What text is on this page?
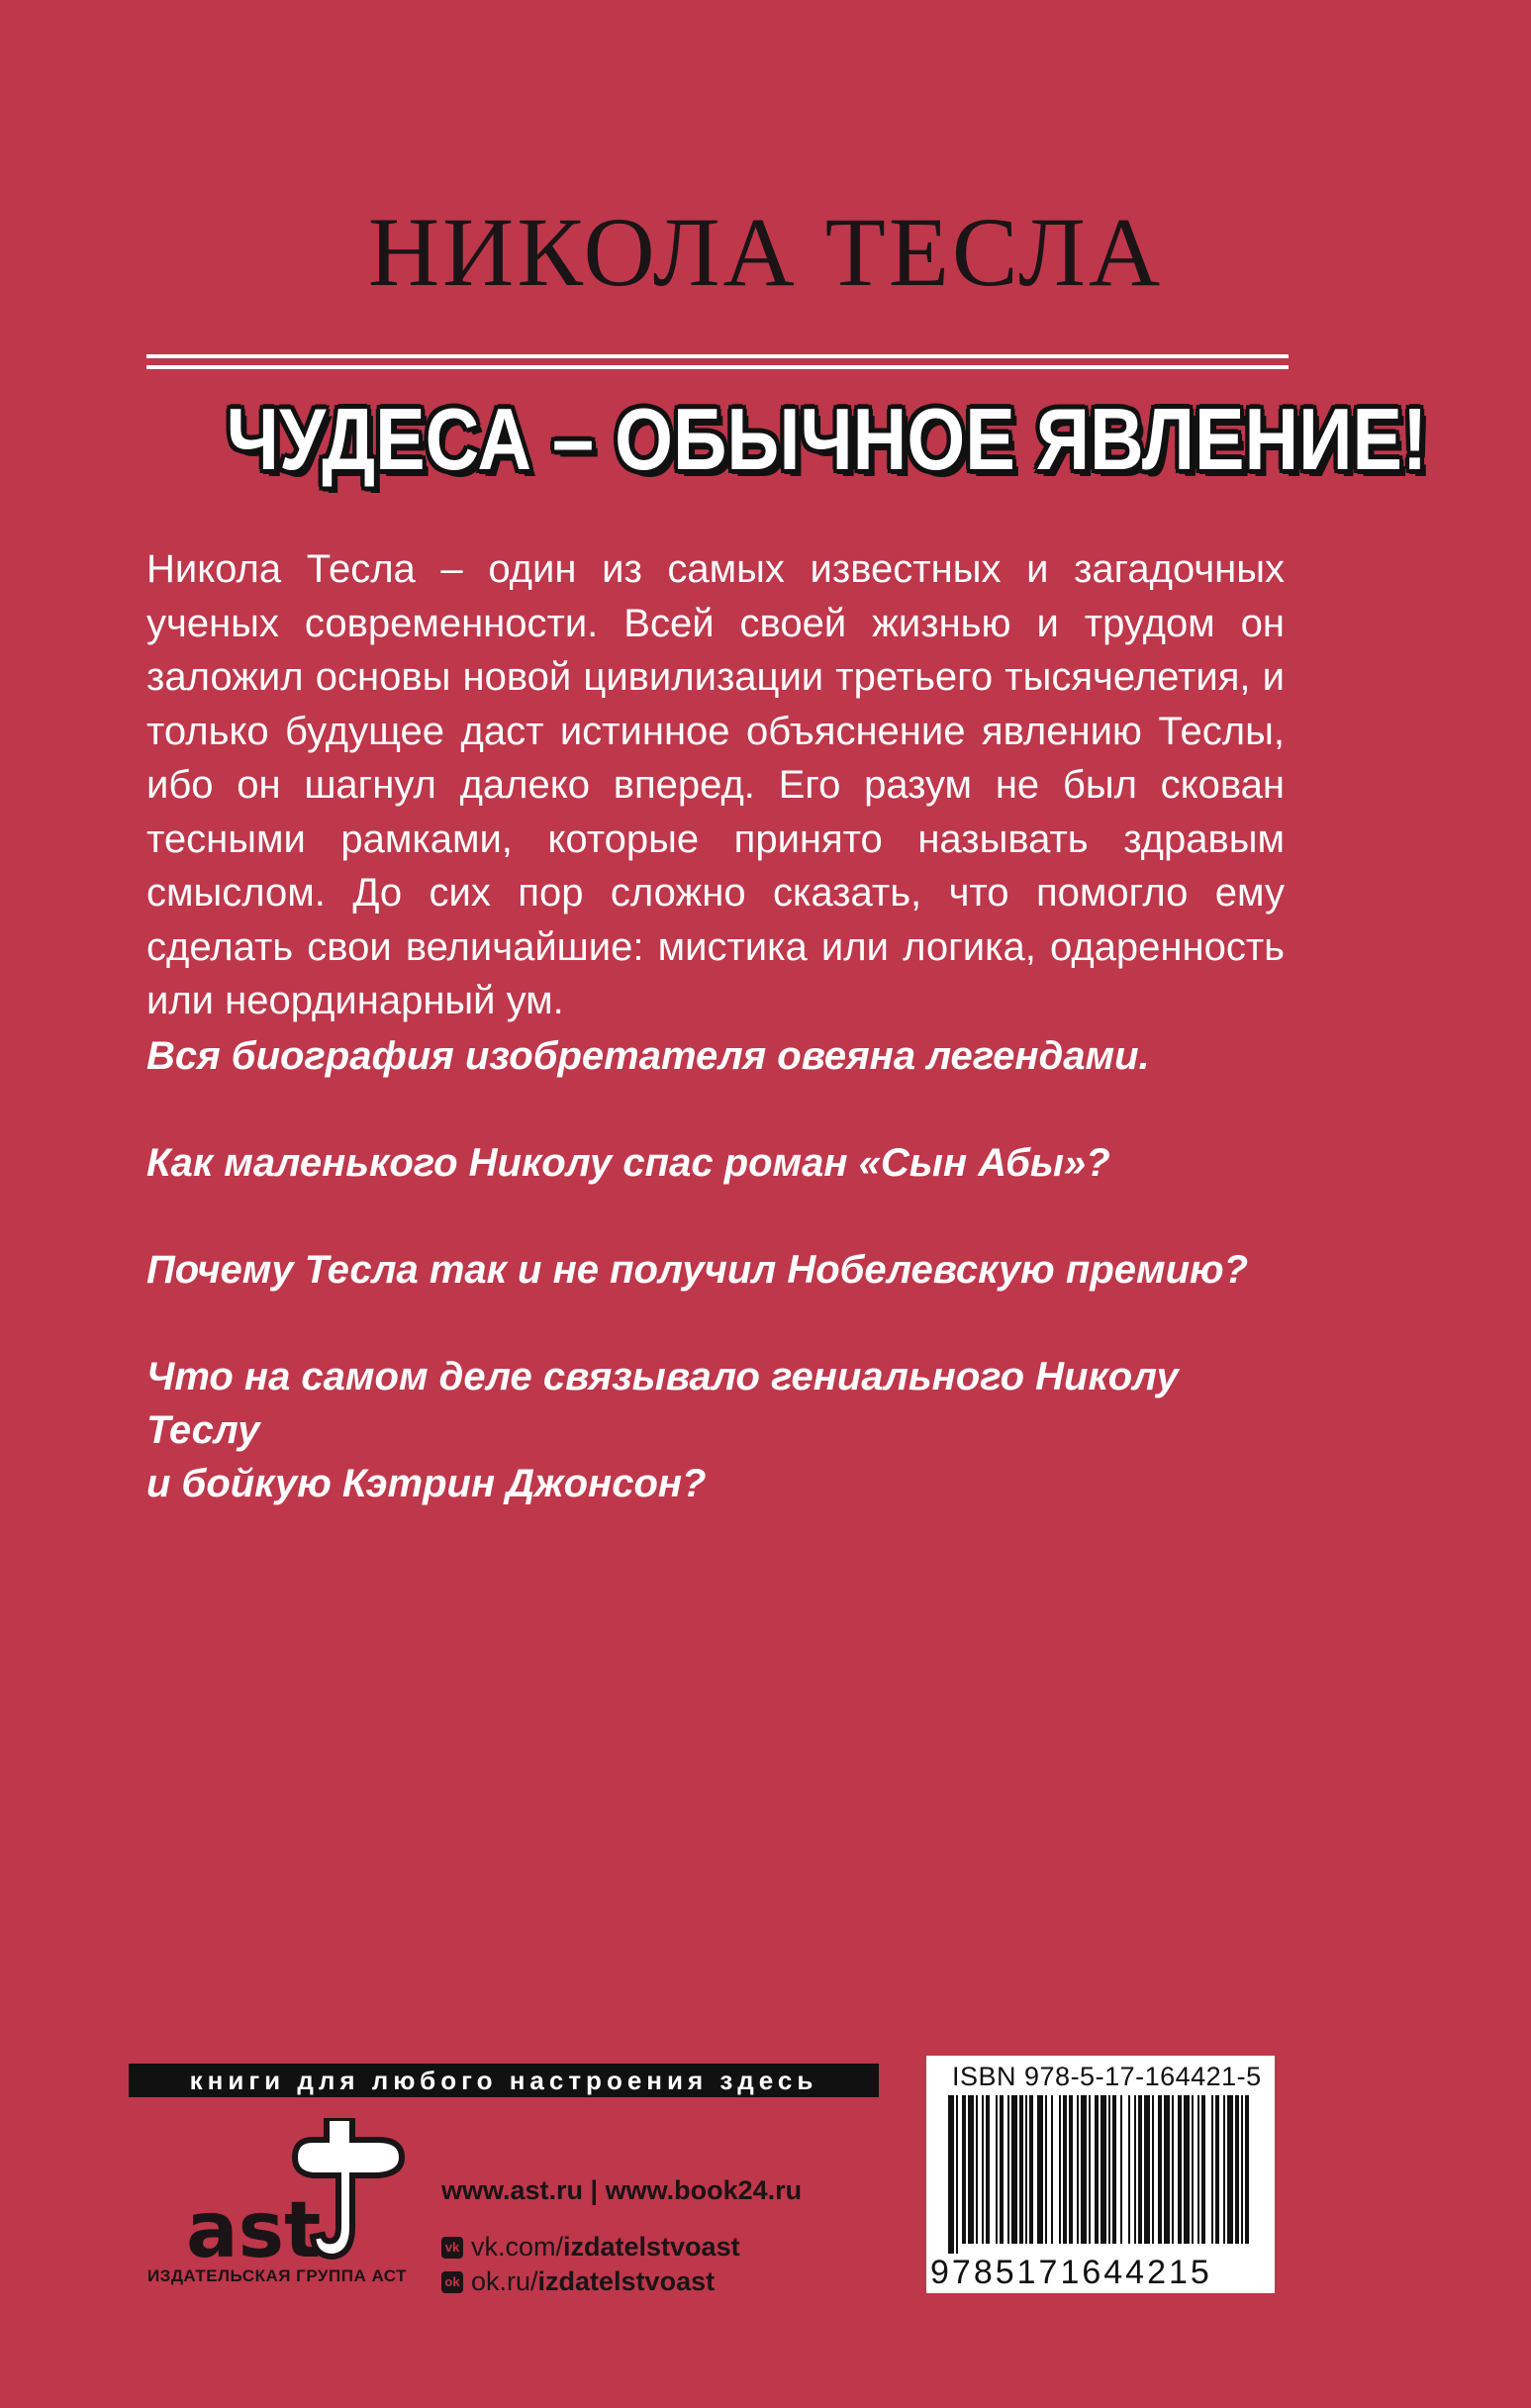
НИКОЛА ТЕСЛА
ЧУДЕСА – ОБЫЧНОЕ ЯВЛЕНИЕ!

Никола Тесла – один из самых известных и загадочных ученых современности. Всей своей жизнью и трудом он заложил основы новой цивилизации третьего тысячелетия, и только будущее даст истинное объяснение явлению Теслы, ибо он шагнул далеко вперед. Его разум не был скован тесными рамками, которые принято называть здравым смыслом. До сих пор сложно сказать, что помогло ему сделать свои величайшие: мистика или логика, одаренность или неординарный ум.

Вся биография изобретателя овеяна легендами.
Как маленького Николу спас роман «Сын Абы»?
Почему Тесла так и не получил Нобелевскую премию?
Что на самом деле связывало гениального Николу Теслу
и бойкую Кэтрин Джонсон?
книги для любого настроения здесь
ast
ИЗДАТЕЛЬСКАЯ ГРУППА АСТ
www.ast.ru | www.book24.ru
vk vk.com/ izdatelstvoast
ok ok.ru/ izdatelstvoast
ISBN 978-5-17-164421-5
9785171644215
